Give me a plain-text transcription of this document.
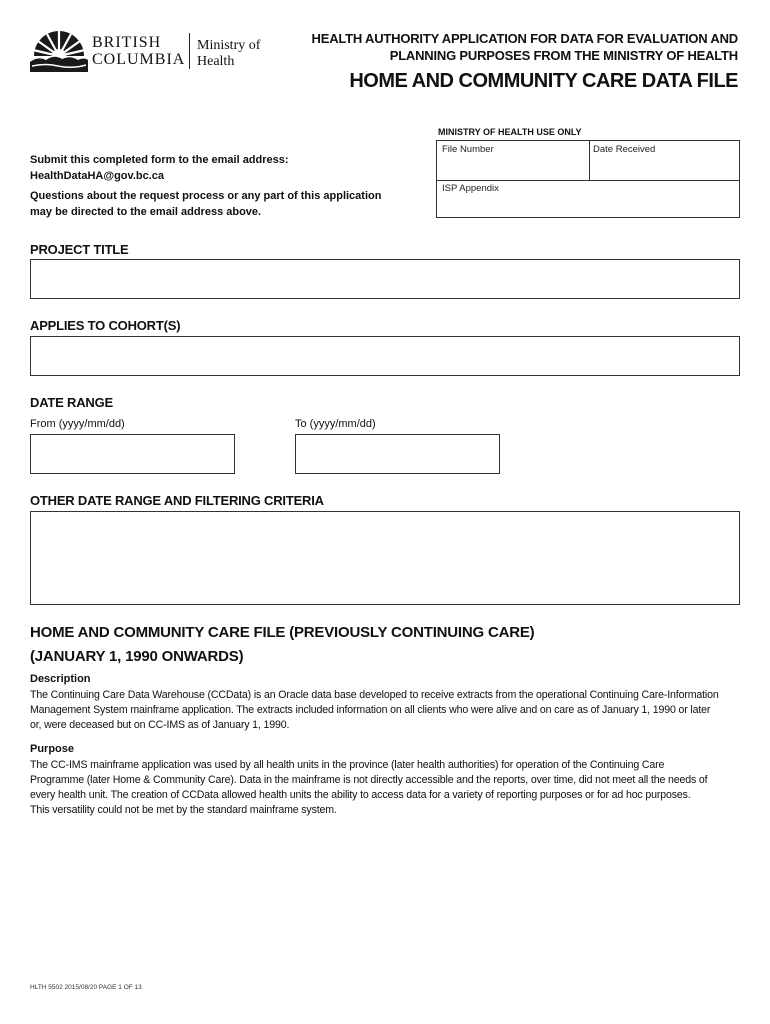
BRITISH
COLUMBIA
Ministry of
Health
HEALTH AUTHORITY APPLICATION FOR DATA FOR EVALUATION AND
PLANNING PURPOSES FROM THE MINISTRY OF HEALTH
HOME AND COMMUNITY CARE DATA FILE
MINISTRY OF HEALTH USE ONLY
File Number	Date Received
ISP Appendix
Submit this completed form to the email address:
HealthDataHA@gov.bc.ca
Questions about the request process or any part of this application
may be directed to the email address above.
PROJECT TITLE
APPLIES TO COHORT(S)
DATE RANGE
From (yyyy/mm/dd)	To (yyyy/mm/dd)
OTHER DATE RANGE AND FILTERING CRITERIA
HOME AND COMMUNITY CARE FILE (PREVIOUSLY CONTINUING CARE)
(JANUARY 1, 1990 ONWARDS)
Description
The Continuing Care Data Warehouse (CCData) is an Oracle data base developed to receive extracts from the operational Continuing Care-Information
Management System mainframe application. The extracts included information on all clients who were alive and on care as of January 1, 1990 or later
or, were deceased but on CC-IMS as of January 1, 1990.
Purpose
The CC-IMS mainframe application was used by all health units in the province (later health authorities) for operation of the Continuing Care
Programme (later Home & Community Care). Data in the mainframe is not directly accessible and the reports, over time, did not meet all the needs of
every health unit. The creation of CCData allowed health units the ability to access data for a variety of reporting purposes or for ad hoc purposes.
This versatility could not be met by the standard mainframe system.
HLTH 5502 2015/08/20 PAGE 1 OF 13
